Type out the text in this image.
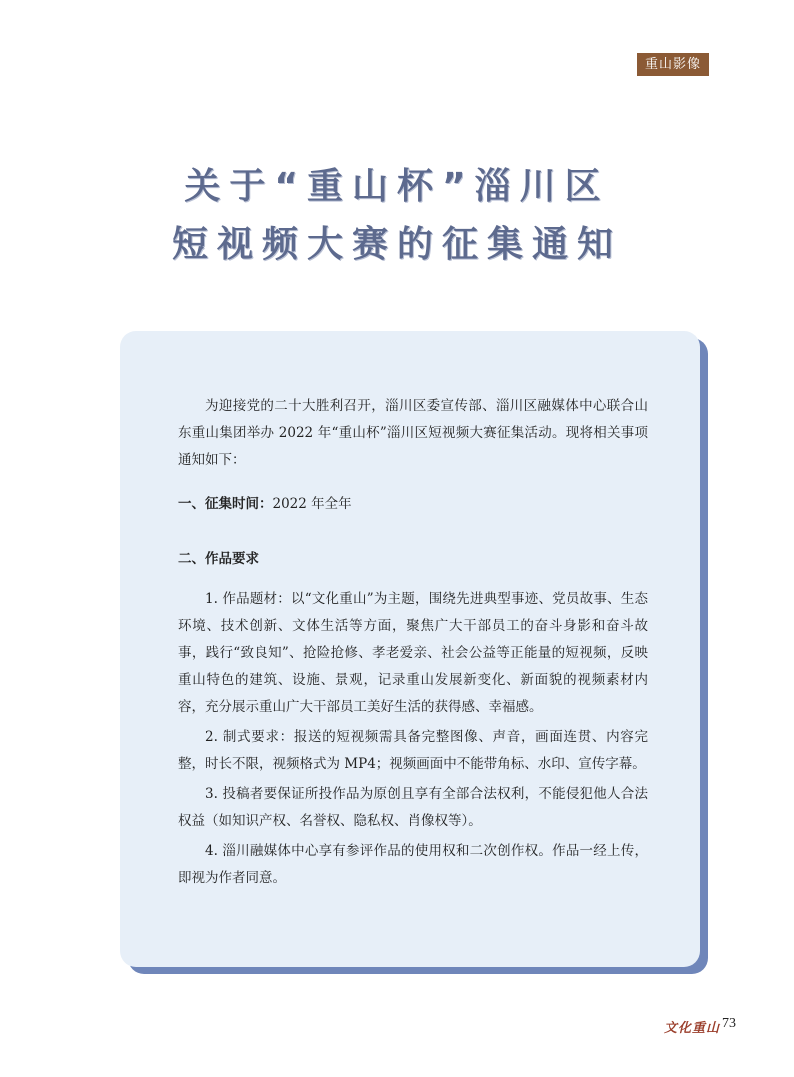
重山影像
关于“重山杯”淄川区
短视频大赛的征集通知

为迎接党的二十大胜利召开，淄川区委宣传部、淄川区融媒体中心联合山东重山集团举办 2022 年“重山杯”淄川区短视频大赛征集活动。现将相关事项通知如下：

一、征集时间：2022 年全年

二、作品要求

1. 作品题材：以“文化重山”为主题，围绕先进典型事迹、党员故事、生态环境、技术创新、文体生活等方面，聚焦广大干部员工的奋斗身影和奋斗故事，践行“致良知”、抢险抢修、孝老爱亲、社会公益等正能量的短视频，反映重山特色的建筑、设施、景观，记录重山发展新变化、新面貌的视频素材内容，充分展示重山广大干部员工美好生活的获得感、幸福感。

2. 制式要求：报送的短视频需具备完整图像、声音，画面连贯、内容完整，时长不限，视频格式为 MP4；视频画面中不能带角标、水印、宣传字幕。

3. 投稿者要保证所投作品为原创且享有全部合法权利，不能侵犯他人合法权益（如知识产权、名誉权、隐私权、肖像权等）。

4. 淄川融媒体中心享有参评作品的使用权和二次创作权。作品一经上传，即视为作者同意。

文化重山 73
